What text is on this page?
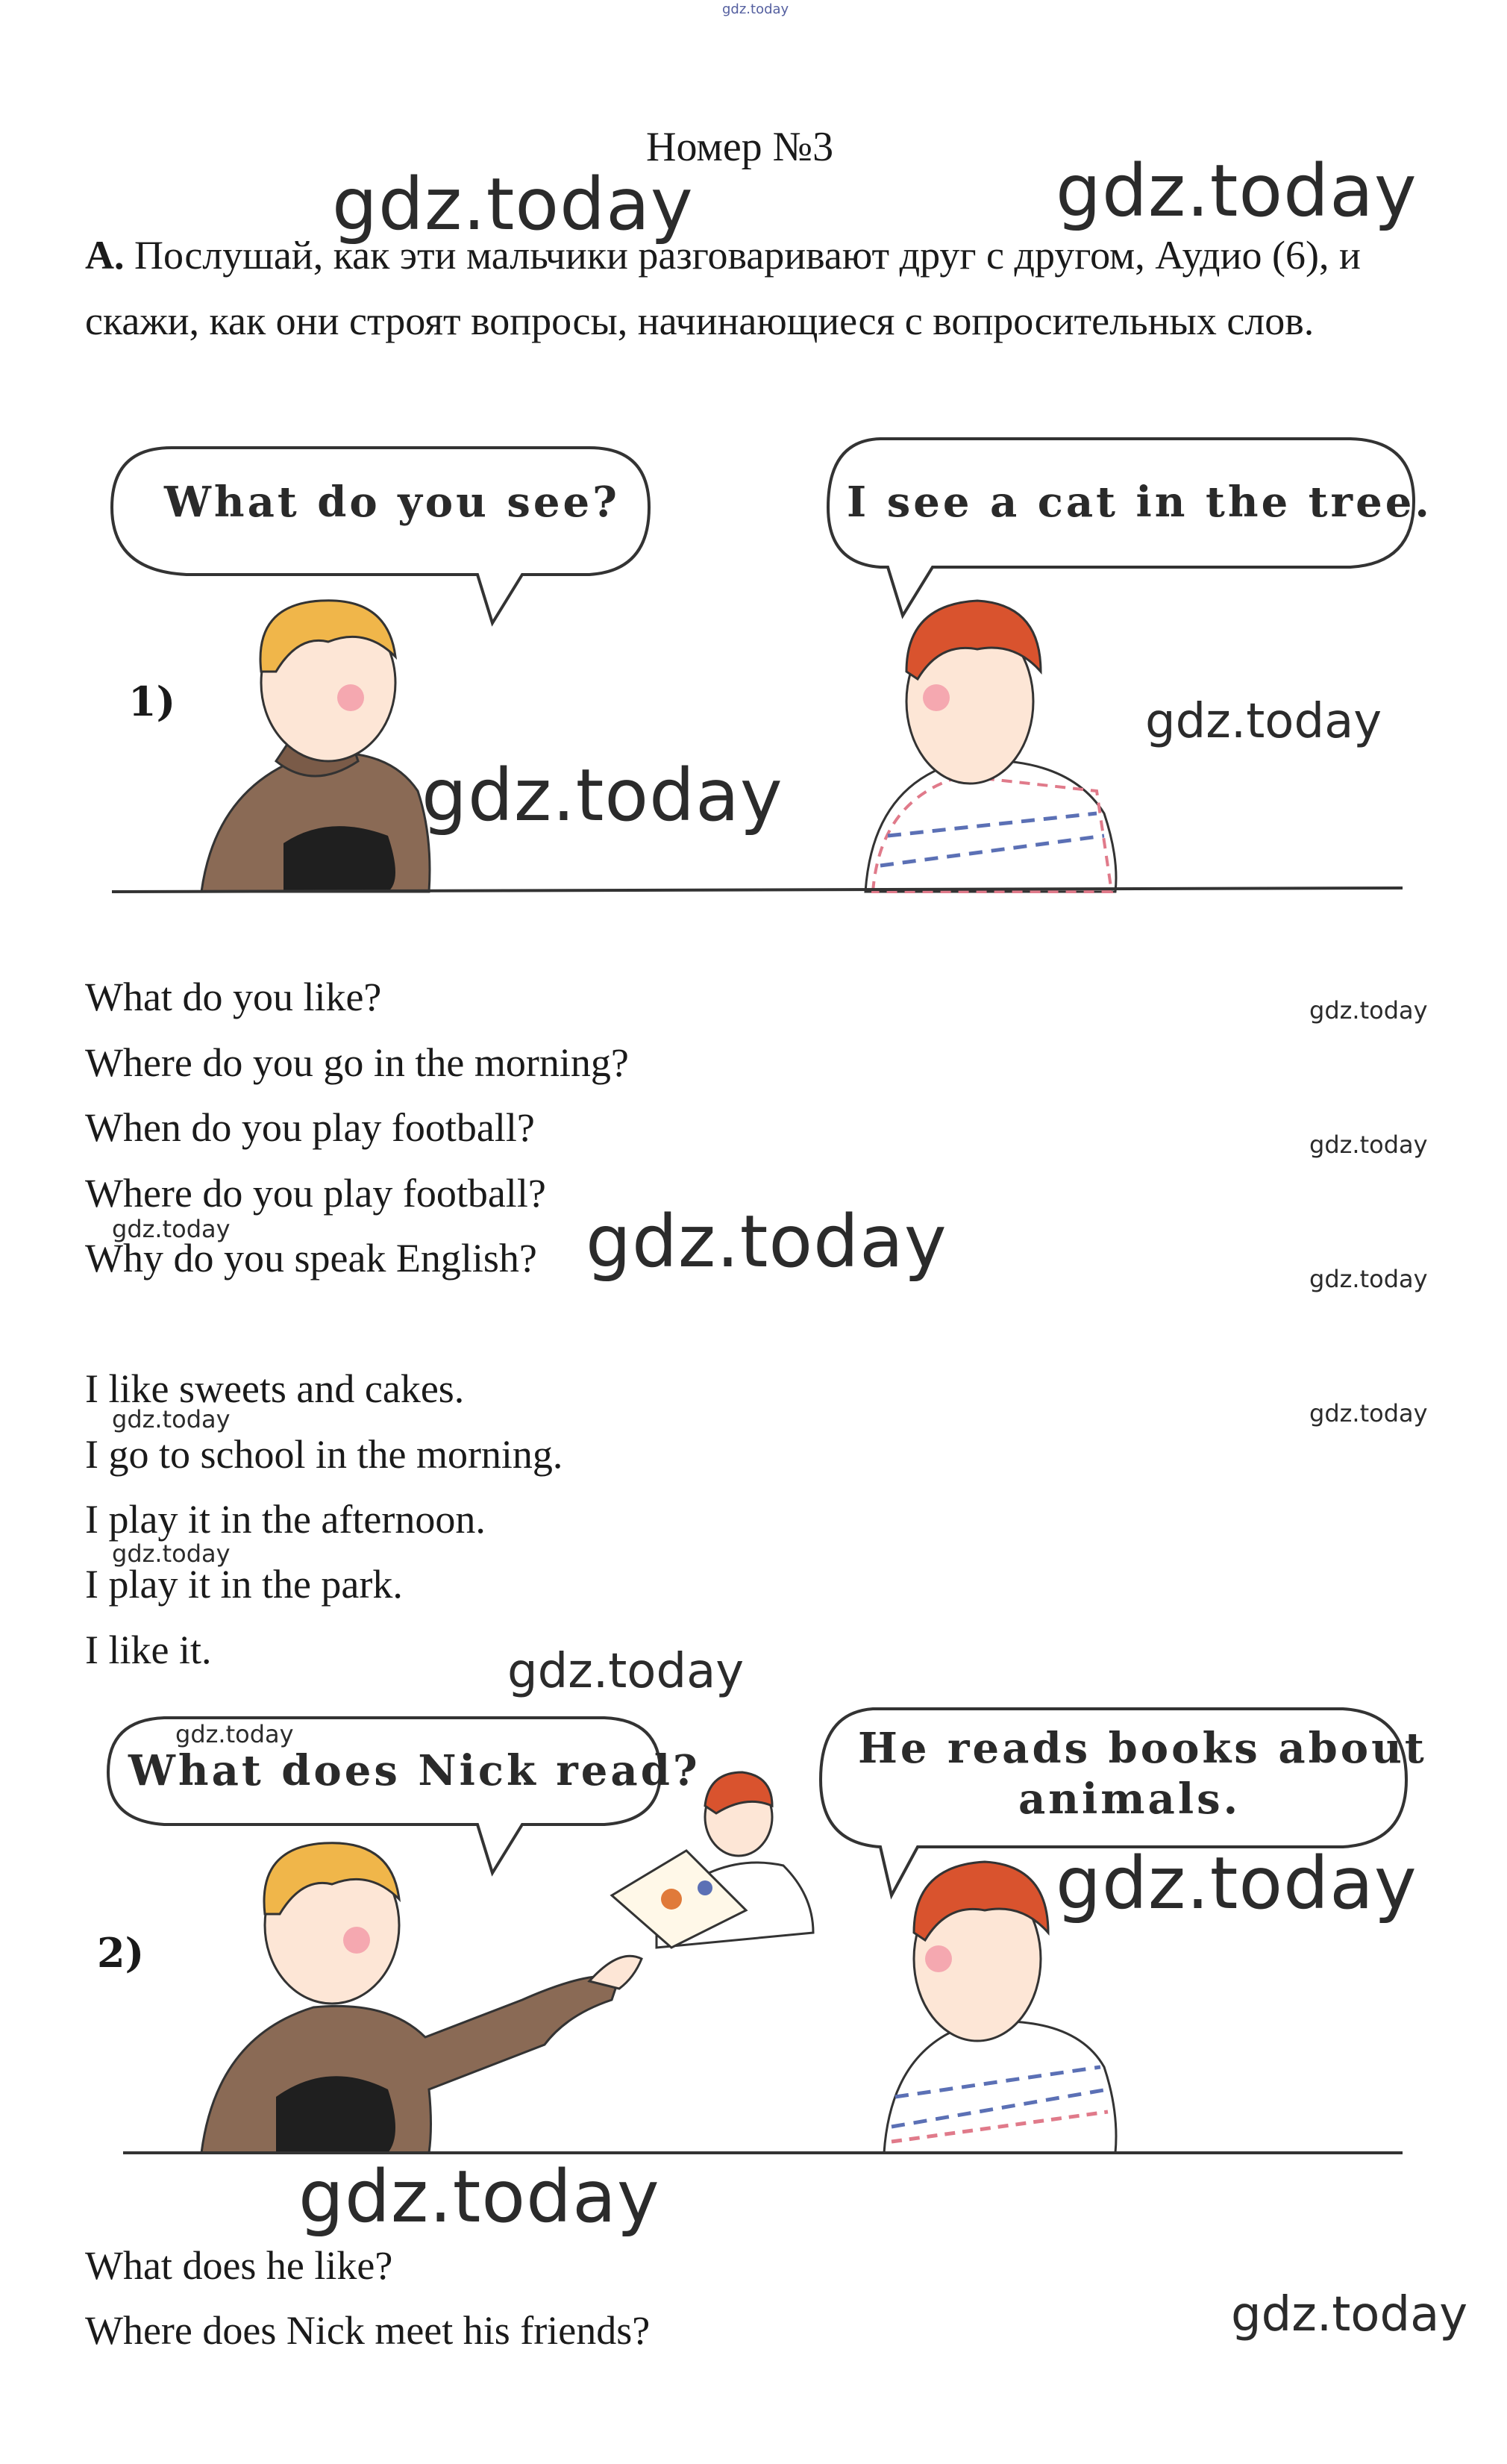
gdz.today
Номер №3
A. Послушай, как эти мальчики разговаривают друг с другом, Аудио (6), и скажи, как они строят вопросы, начинающиеся с вопросительных слов.
What do you see?	I see a cat in the tree.
1)
What do you like?
Where do you go in the morning?
When do you play football?
Where do you play football?
Why do you speak English?
I like sweets and cakes.
I go to school in the morning.
I play it in the afternoon.
I play it in the park.
I like it.
What does Nick read?	He reads books about
animals.
2)
What does he like?
Where does Nick meet his friends?
gdz.today	gdz.today
gdz.today
gdz.today
gdz.today
gdz.today
gdz.today	gdz.today	gdz.today
gdz.today	gdz.today
gdz.today
gdz.today
gdz.today
gdz.today
gdz.today
gdz.today
